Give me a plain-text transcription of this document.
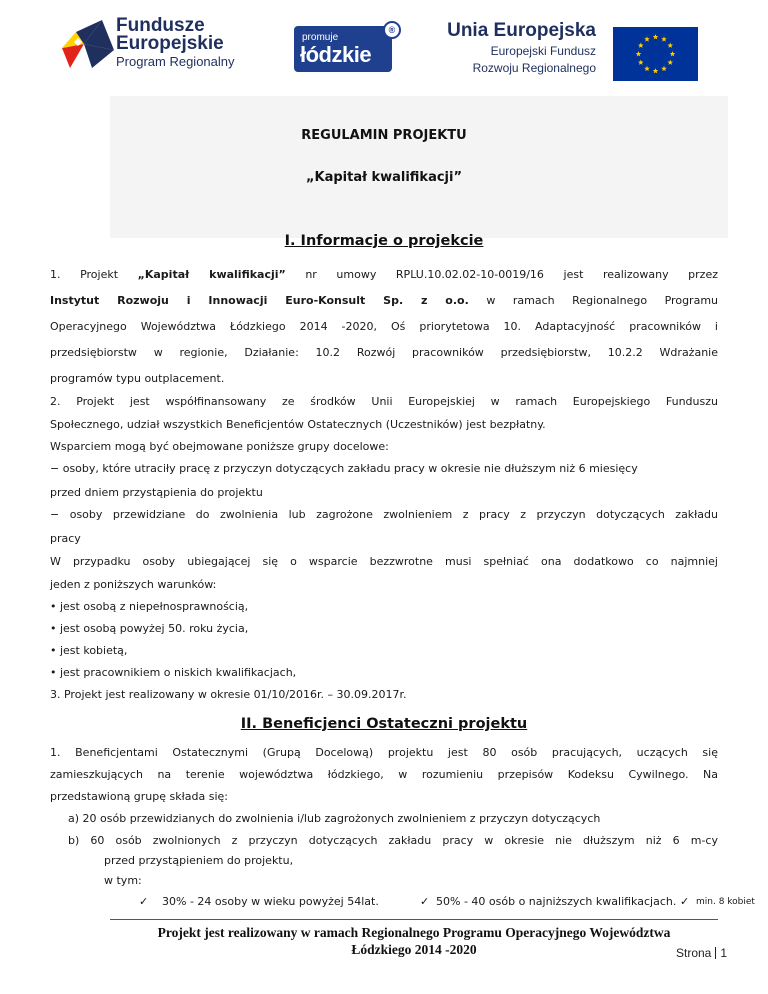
Fundusze
Europejskie
Program Regionalny
promuje
łódzkie
®	Unia Europejska
Europejski Fundusz
Rozwoju Regionalnego
REGULAMIN PROJEKTU
„Kapitał kwalifikacji”
I. Informacje o projekcie
1. Projekt „Kapitał kwalifikacji” nr umowy RPLU.10.02.02-10-0019/16 jest realizowany przez
Instytut Rozwoju i Innowacji Euro-Konsult Sp. z o.o. w ramach Regionalnego Programu
Operacyjnego Województwa Łódzkiego 2014 -2020, Oś priorytetowa 10. Adaptacyjność pracowników i
przedsiębiorstw w regionie, Działanie: 10.2 Rozwój pracowników przedsiębiorstw, 10.2.2 Wdrażanie
programów typu outplacement.
2. Projekt jest współfinansowany ze środków Unii Europejskiej w ramach Europejskiego Funduszu
Społecznego, udział wszystkich Beneficjentów Ostatecznych (Uczestników) jest bezpłatny.
Wsparciem mogą być obejmowane poniższe grupy docelowe:
− osoby, które utraciły pracę z przyczyn dotyczących zakładu pracy w okresie nie dłuższym niż 6 miesięcy
przed dniem przystąpienia do projektu
− osoby przewidziane do zwolnienia lub zagrożone zwolnieniem z pracy z przyczyn dotyczących zakładu
pracy
W przypadku osoby ubiegającej się o wsparcie bezzwrotne musi spełniać ona dodatkowo co najmniej
jeden z poniższych warunków:
• jest osobą z niepełnosprawnością,
• jest osobą powyżej 50. roku życia,
• jest kobietą,
• jest pracownikiem o niskich kwalifikacjach,
3. Projekt jest realizowany w okresie 01/10/2016r. – 30.09.2017r.
II. Beneficjenci Ostateczni projektu
1. Beneficjentami Ostatecznymi (Grupą Docelową) projektu jest 80 osób pracujących, uczących się
zamieszkujących na terenie województwa łódzkiego, w rozumieniu przepisów Kodeksu Cywilnego. Na
przedstawioną grupę składa się:
a) 20 osób przewidzianych do zwolnienia i/lub zagrożonych zwolnieniem z przyczyn dotyczących
b) 60 osób zwolnionych z przyczyn dotyczących zakładu pracy w okresie nie dłuższym niż 6 m-cy
przed przystąpieniem do projektu,
w tym:
✓ 30% - 24 osoby w wieku powyżej 54lat.
Projekt jest realizowany w ramach Regionalnego Programu Operacyjnego Województwa
Łódzkiego 2014 -2020	Strona 1
✓ 50% - 40 osób o najniższych kwalifikacjach. ✓ min. 8 kobiet
